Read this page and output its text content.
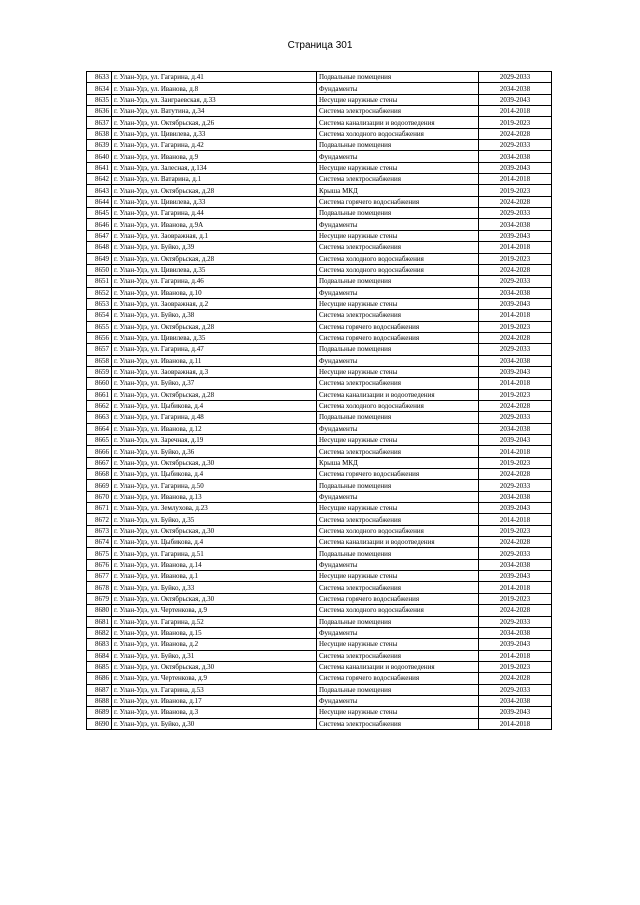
Страница 301
8633	г. Улан-Удэ, ул. Гагарина, д.41	Подвальные помещения	2029-2033
8634	г. Улан-Удэ, ул. Иванова, д.8	Фундаменты	2034-2038
8635	г. Улан-Удэ, ул. Заиграевская, д.33	Несущие наружные стены	2039-2043
8636	г. Улан-Удэ, ул. Ватутина, д.34	Система электроснабжения	2014-2018
8637	г. Улан-Удэ, ул. Октябрьская, д.26	Система канализации и водоотведения	2019-2023
8638	г. Улан-Удэ, ул. Цивилева, д.33	Система холодного водоснабжения	2024-2028
8639	г. Улан-Удэ, ул. Гагарина, д.42	Подвальные помещения	2029-2033
8640	г. Улан-Удэ, ул. Иванова, д.9	Фундаменты	2034-2038
8641	г. Улан-Удэ, ул. Залесная, д.134	Несущие наружные стены	2039-2043
8642	г. Улан-Удэ, ул. Ватарина, д.1	Система электроснабжения	2014-2018
8643	г. Улан-Удэ, ул. Октябрьская, д.28	Крыша МКД	2019-2023
8644	г. Улан-Удэ, ул. Цивилева, д.33	Система горячего водоснабжения	2024-2028
8645	г. Улан-Удэ, ул. Гагарина, д.44	Подвальные помещения	2029-2033
8646	г. Улан-Удэ, ул. Иванова, д.9А	Фундаменты	2034-2038
8647	г. Улан-Удэ, ул. Заовражная, д.1	Несущие наружные стены	2039-2043
8648	г. Улан-Удэ, ул. Буйко, д.39	Система электроснабжения	2014-2018
8649	г. Улан-Удэ, ул. Октябрьская, д.28	Система холодного водоснабжения	2019-2023
8650	г. Улан-Удэ, ул. Цивилева, д.35	Система холодного водоснабжения	2024-2028
8651	г. Улан-Удэ, ул. Гагарина, д.46	Подвальные помещения	2029-2033
8652	г. Улан-Удэ, ул. Иванова, д.10	Фундаменты	2034-2038
8653	г. Улан-Удэ, ул. Заовражная, д.2	Несущие наружные стены	2039-2043
8654	г. Улан-Удэ, ул. Буйко, д.38	Система электроснабжения	2014-2018
8655	г. Улан-Удэ, ул. Октябрьская, д.28	Система горячего водоснабжения	2019-2023
8656	г. Улан-Удэ, ул. Цивилева, д.35	Система горячего водоснабжения	2024-2028
8657	г. Улан-Удэ, ул. Гагарина, д.47	Подвальные помещения	2029-2033
8658	г. Улан-Удэ, ул. Иванова, д.11	Фундаменты	2034-2038
8659	г. Улан-Удэ, ул. Заовражная, д.3	Несущие наружные стены	2039-2043
8660	г. Улан-Удэ, ул. Буйко, д.37	Система электроснабжения	2014-2018
8661	г. Улан-Удэ, ул. Октябрьская, д.28	Система канализации и водоотведения	2019-2023
8662	г. Улан-Удэ, ул. Цыбикова, д.4	Система холодного водоснабжения	2024-2028
8663	г. Улан-Удэ, ул. Гагарина, д.48	Подвальные помещения	2029-2033
8664	г. Улан-Удэ, ул. Иванова, д.12	Фундаменты	2034-2038
8665	г. Улан-Удэ, ул. Заречная, д.19	Несущие наружные стены	2039-2043
8666	г. Улан-Удэ, ул. Буйко, д.36	Система электроснабжения	2014-2018
8667	г. Улан-Удэ, ул. Октябрьская, д.30	Крыша МКД	2019-2023
8668	г. Улан-Удэ, ул. Цыбикова, д.4	Система горячего водоснабжения	2024-2028
8669	г. Улан-Удэ, ул. Гагарина, д.50	Подвальные помещения	2029-2033
8670	г. Улан-Удэ, ул. Иванова, д.13	Фундаменты	2034-2038
8671	г. Улан-Удэ, ул. Землухова, д.23	Несущие наружные стены	2039-2043
8672	г. Улан-Удэ, ул. Буйко, д.35	Система электроснабжения	2014-2018
8673	г. Улан-Удэ, ул. Октябрьская, д.30	Система холодного водоснабжения	2019-2023
8674	г. Улан-Удэ, ул. Цыбикова, д.4	Система канализации и водоотведения	2024-2028
8675	г. Улан-Удэ, ул. Гагарина, д.51	Подвальные помещения	2029-2033
8676	г. Улан-Удэ, ул. Иванова, д.14	Фундаменты	2034-2038
8677	г. Улан-Удэ, ул. Иванова, д.1	Несущие наружные стены	2039-2043
8678	г. Улан-Удэ, ул. Буйко, д.33	Система электроснабжения	2014-2018
8679	г. Улан-Удэ, ул. Октябрьская, д.30	Система горячего водоснабжения	2019-2023
8680	г. Улан-Удэ, ул. Чертенкова, д.9	Система холодного водоснабжения	2024-2028
8681	г. Улан-Удэ, ул. Гагарина, д.52	Подвальные помещения	2029-2033
8682	г. Улан-Удэ, ул. Иванова, д.15	Фундаменты	2034-2038
8683	г. Улан-Удэ, ул. Иванова, д.2	Несущие наружные стены	2039-2043
8684	г. Улан-Удэ, ул. Буйко, д.31	Система электроснабжения	2014-2018
8685	г. Улан-Удэ, ул. Октябрьская, д.30	Система канализации и водоотведения	2019-2023
8686	г. Улан-Удэ, ул. Чертенкова, д.9	Система горячего водоснабжения	2024-2028
8687	г. Улан-Удэ, ул. Гагарина, д.53	Подвальные помещения	2029-2033
8688	г. Улан-Удэ, ул. Иванова, д.17	Фундаменты	2034-2038
8689	г. Улан-Удэ, ул. Иванова, д.3	Несущие наружные стены	2039-2043
8690	г. Улан-Удэ, ул. Буйко, д.30	Система электроснабжения	2014-2018
